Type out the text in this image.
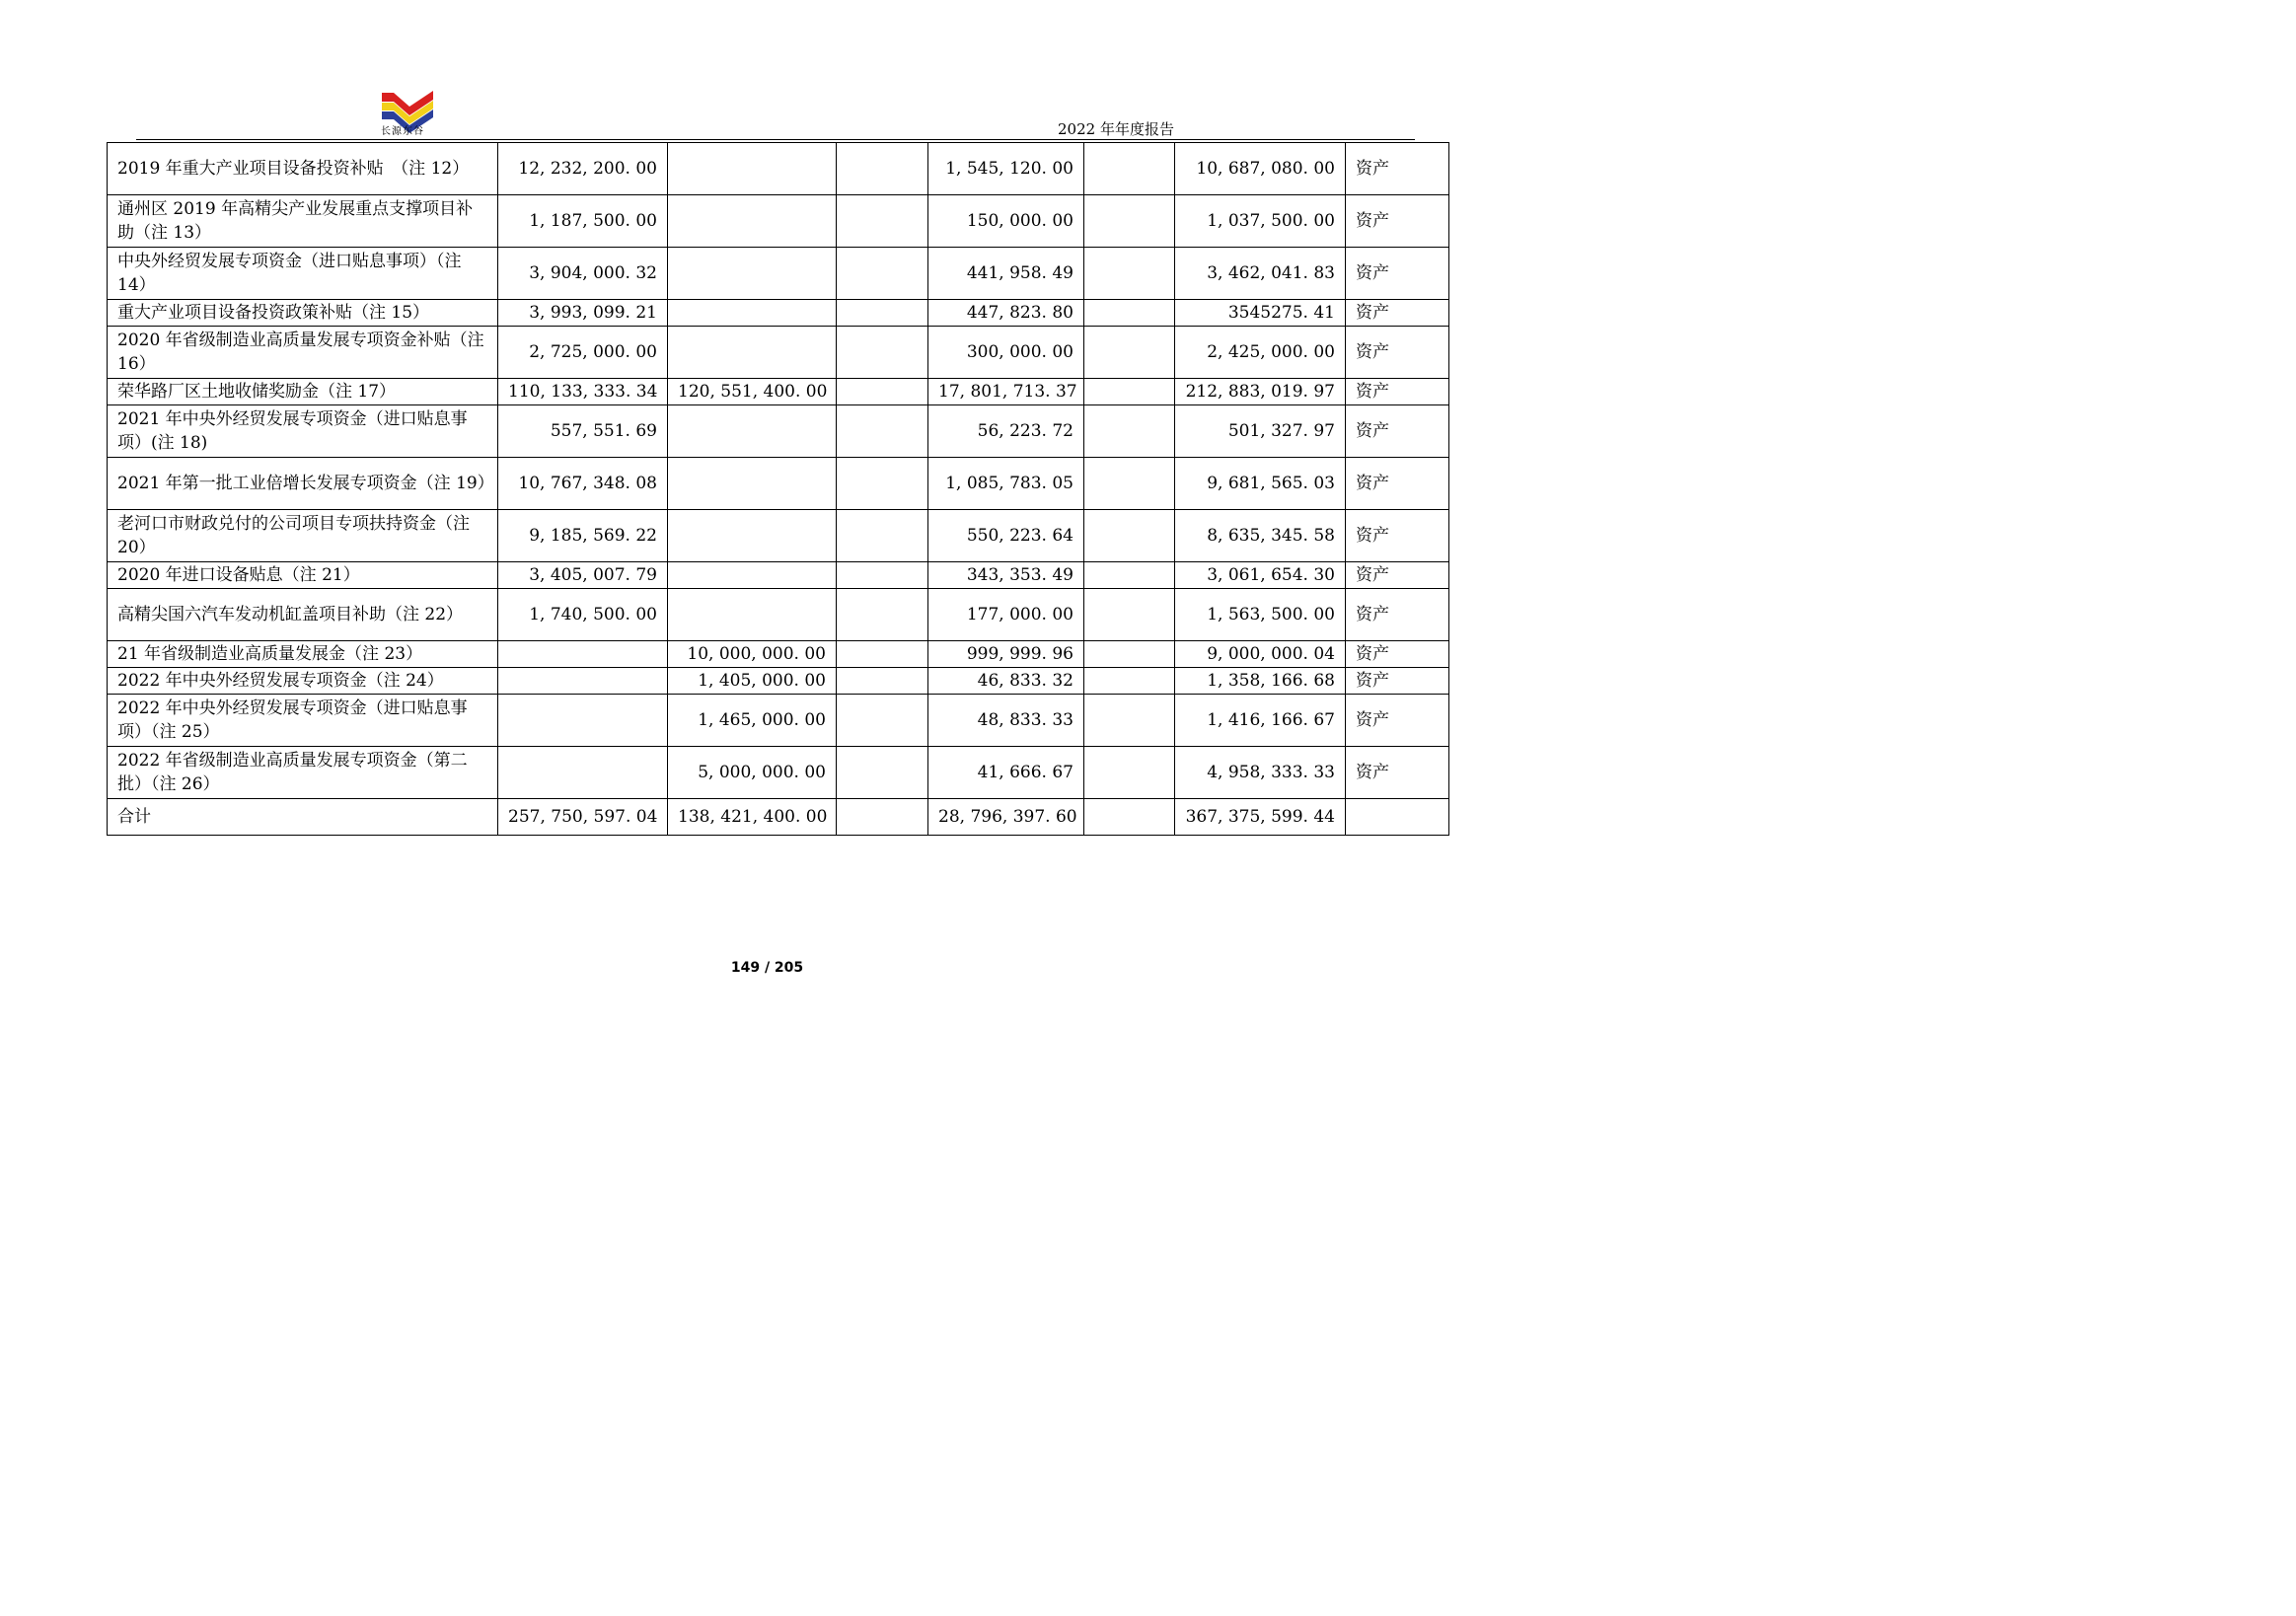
长源东谷	2022 年年度报告
2019 年重大产业项目设备投资补贴　（注 12）	12, 232, 200. 00			1, 545, 120. 00		10, 687, 080. 00	资产
通州区 2019 年高精尖产业发展重点支撑项目补助（注 13）	1, 187, 500. 00			150, 000. 00		1, 037, 500. 00	资产
中央外经贸发展专项资金（进口贴息事项）（注 14）	3, 904, 000. 32			441, 958. 49		3, 462, 041. 83	资产
重大产业项目设备投资政策补贴（注 15）	3, 993, 099. 21			447, 823. 80		3545275. 41	资产
2020 年省级制造业高质量发展专项资金补贴（注 16）	2, 725, 000. 00			300, 000. 00		2, 425, 000. 00	资产
荣华路厂区土地收储奖励金（注 17）	110, 133, 333. 34	120, 551, 400. 00		17, 801, 713. 37		212, 883, 019. 97	资产
2021 年中央外经贸发展专项资金（进口贴息事项）(注 18)	557, 551. 69			56, 223. 72		501, 327. 97	资产
2021 年第一批工业倍增长发展专项资金（注 19）	10, 767, 348. 08			1, 085, 783. 05		9, 681, 565. 03	资产
老河口市财政兑付的公司项目专项扶持资金（注 20）	9, 185, 569. 22			550, 223. 64		8, 635, 345. 58	资产
2020 年进口设备贴息（注 21）	3, 405, 007. 79			343, 353. 49		3, 061, 654. 30	资产
高精尖国六汽车发动机缸盖项目补助（注 22）	1, 740, 500. 00			177, 000. 00		1, 563, 500. 00	资产
21 年省级制造业高质量发展金（注 23）		10, 000, 000. 00		999, 999. 96		9, 000, 000. 04	资产
2022 年中央外经贸发展专项资金（注 24）		1, 405, 000. 00		46, 833. 32		1, 358, 166. 68	资产
2022 年中央外经贸发展专项资金（进口贴息事项）（注 25）		1, 465, 000. 00		48, 833. 33		1, 416, 166. 67	资产
2022 年省级制造业高质量发展专项资金（第二批）（注 26）		5, 000, 000. 00		41, 666. 67		4, 958, 333. 33	资产
合计	257, 750, 597. 04	138, 421, 400. 00		28, 796, 397. 60		367, 375, 599. 44	
149 / 205
